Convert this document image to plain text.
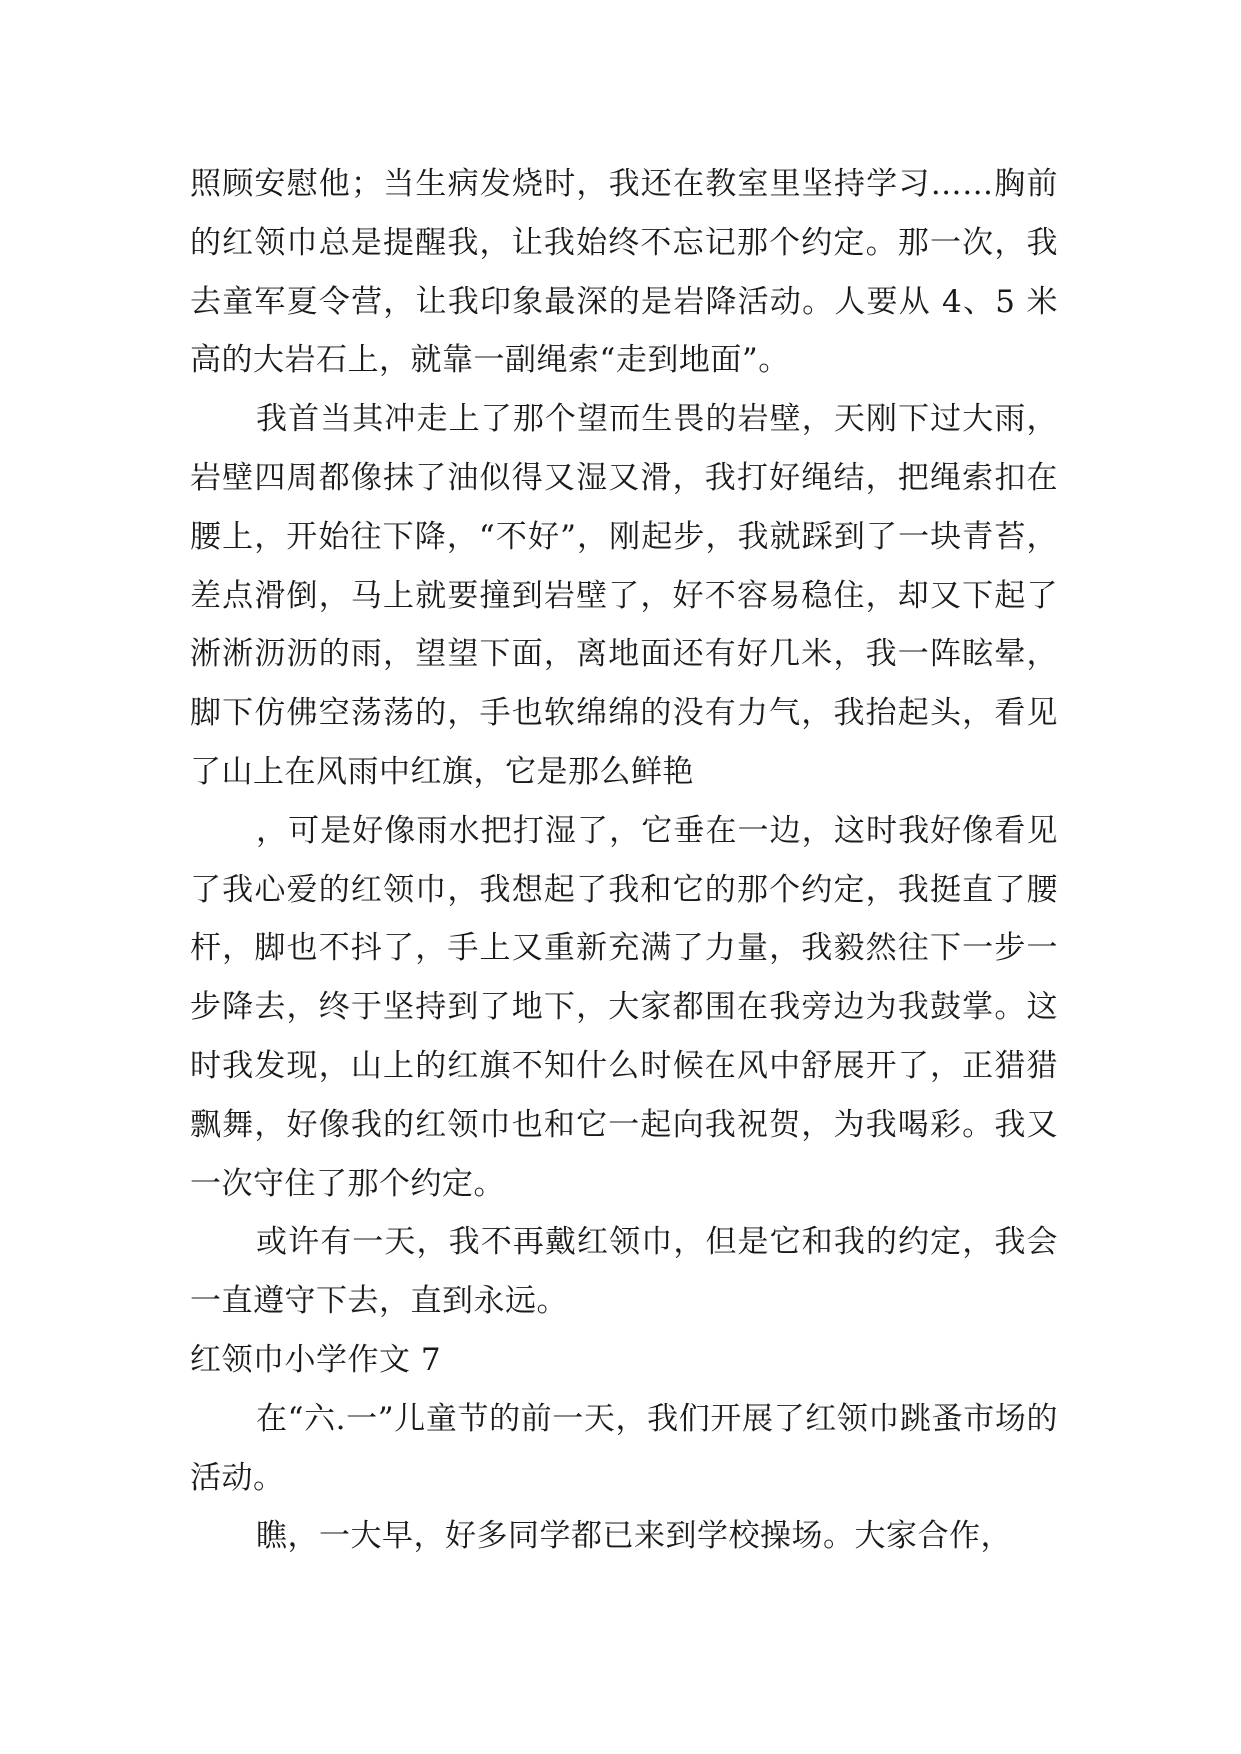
照顾安慰他；当生病发烧时，我还在教室里坚持学习……胸前的红领巾总是提醒我，让我始终不忘记那个约定。那一次，我去童军夏令营，让我印象最深的是岩降活动。人要从 4、5 米高的大岩石上，就靠一副绳索“走到地面”。

我首当其冲走上了那个望而生畏的岩壁，天刚下过大雨，岩壁四周都像抹了油似得又湿又滑，我打好绳结，把绳索扣在腰上，开始往下降，“不好”，刚起步，我就踩到了一块青苔，差点滑倒，马上就要撞到岩壁了，好不容易稳住，却又下起了淅淅沥沥的雨，望望下面，离地面还有好几米，我一阵眩晕，脚下仿佛空荡荡的，手也软绵绵的没有力气，我抬起头，看见了山上在风雨中红旗，它是那么鲜艳

，可是好像雨水把打湿了，它垂在一边，这时我好像看见了我心爱的红领巾，我想起了我和它的那个约定，我挺直了腰杆，脚也不抖了，手上又重新充满了力量，我毅然往下一步一步降去，终于坚持到了地下，大家都围在我旁边为我鼓掌。这时我发现，山上的红旗不知什么时候在风中舒展开了，正猎猎飘舞，好像我的红领巾也和它一起向我祝贺，为我喝彩。我又一次守住了那个约定。

或许有一天，我不再戴红领巾，但是它和我的约定，我会一直遵守下去，直到永远。

红领巾小学作文 7

在“六.一”儿童节的前一天，我们开展了红领巾跳蚤市场的活动。

瞧，一大早，好多同学都已来到学校操场。大家合作，
